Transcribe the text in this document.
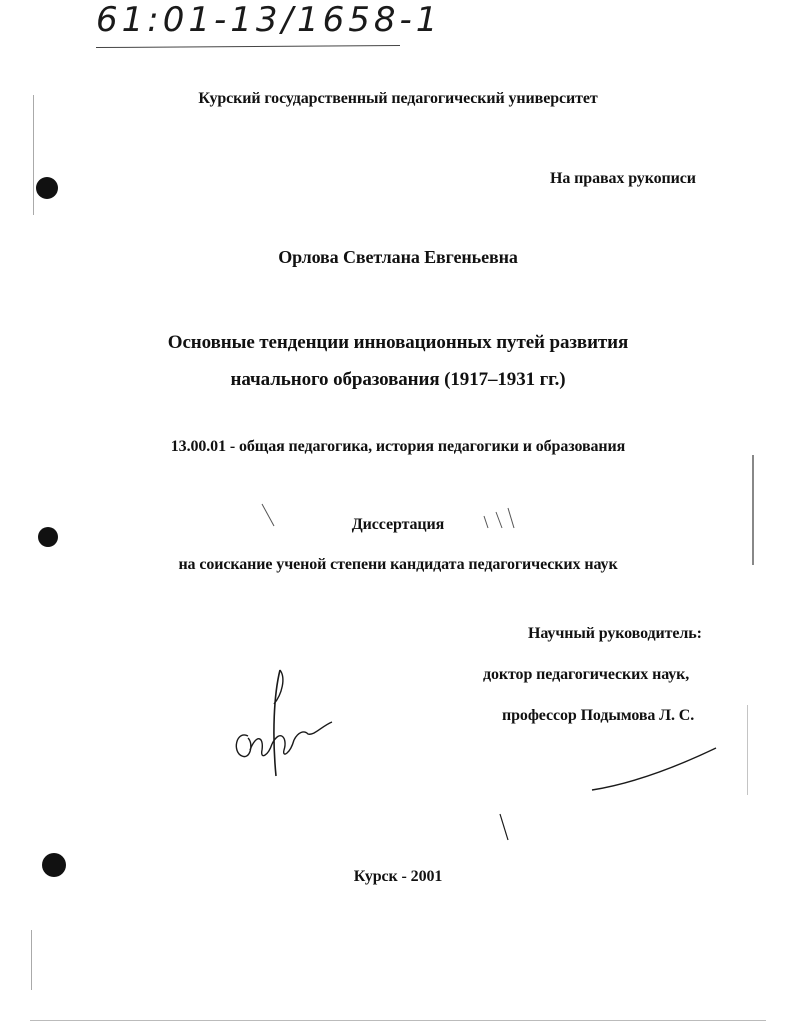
61:01-13/1658-1
Курский государственный педагогический университет
На правах рукописи
Орлова Светлана Евгеньевна
Основные тенденции инновационных путей развития
начального образования (1917–1931 гг.)
13.00.01 - общая педагогика, история педагогики и образования
Диссертация
на соискание ученой степени кандидата педагогических наук
Научный руководитель:
доктор педагогических наук,
профессор Подымова Л. С.
Курск - 2001
